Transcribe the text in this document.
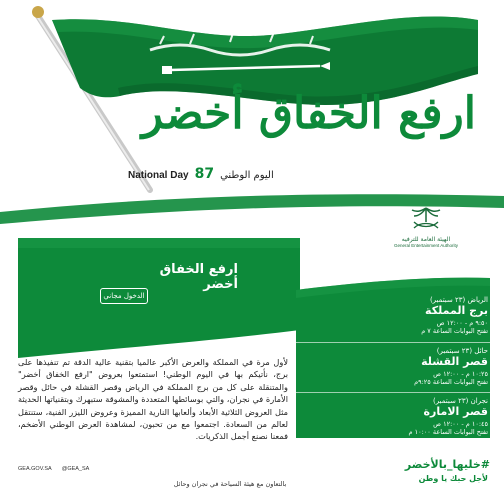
ارفع الخفاق أخضر
National Day 87 اليوم الوطني
ارفع الخفاق أخضر
الدخول مجاني
الهيئة العامة للترفيه
General Entertainment Authority
الرياض (٢٣ سبتمبر)
برج المملكة
٩:٥٠ م - ١٢:٠٠ ص
تفتح البوابات الساعة ٧ م
حائل (٢٣ سبتمبر)
قصر القشلة
١٠:٢٥ م - ١٢:٠٠ ص
تفتح البوابات الساعة ٩:٢٥م
نجران (٢٣ سبتمبر)
قصر الامارة
١٠:٤٥ م - ١٢:٠٠ ص
تفتح البوابات الساعة ١٠:٠٠ م
لأول مرة في المملكة والعرض الأكبر عالميا بتقنية عالية الدقة تم تنفيذها على برج، نأتيكم بها في اليوم الوطني! استمتعوا بعروض "ارفع الخفاق أخضر" والمتنقلة على كل من برج المملكة في الرياض وقصر القشلة في حائل وقصر الأمارة في نجران، والتي بوسائطها المتعددة والمشوقة ستبهرك وبتقنياتها الحديثة مثل العروض الثلاثية الأبعاد وألعابها النارية المميزة وعروض الليزر الفنية، ستنتقل لعالم من السعادة. اجتمعوا مع من تحبون، لمشاهدة العرض الوطني الأضخم، فمعنا نصنع أجمل الذكريات.
GEA.GOV.SA @GEA_SA
بالتعاون مع هيئة السياحة في نجران وحائل
#خليها_بالأخضر
لأجل حبك يا وطن
